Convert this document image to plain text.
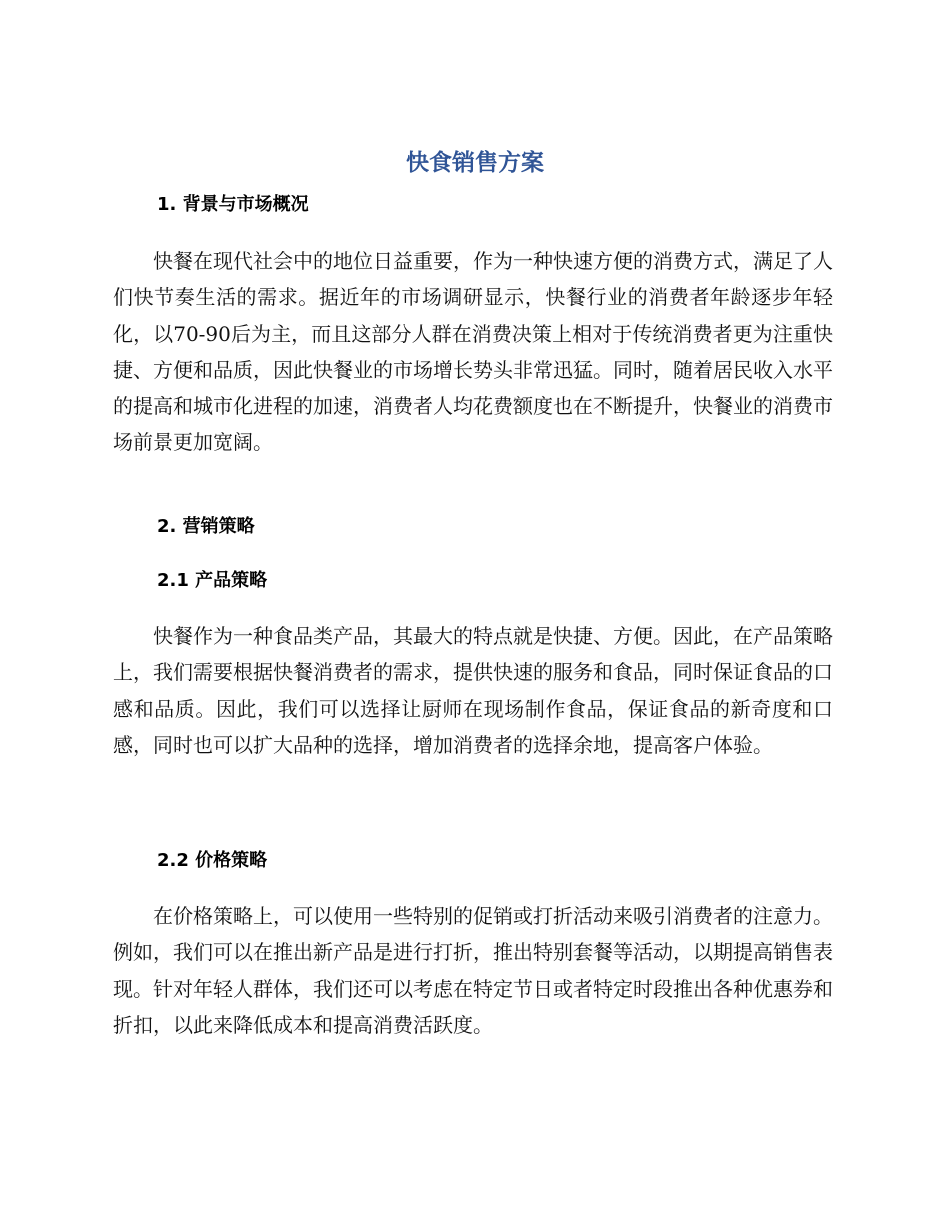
快食销售方案
1. 背景与市场概况

快餐在现代社会中的地位日益重要，作为一种快速方便的消费方式，满足了人们快节奏生活的需求。据近年的市场调研显示，快餐行业的消费者年龄逐步年轻化，以70-90后为主，而且这部分人群在消费决策上相对于传统消费者更为注重快捷、方便和品质，因此快餐业的市场增长势头非常迅猛。同时，随着居民收入水平的提高和城市化进程的加速，消费者人均花费额度也在不断提升，快餐业的消费市场前景更加宽阔。

2. 营销策略
2.1 产品策略

快餐作为一种食品类产品，其最大的特点就是快捷、方便。因此，在产品策略上，我们需要根据快餐消费者的需求，提供快速的服务和食品，同时保证食品的口感和品质。因此，我们可以选择让厨师在现场制作食品，保证食品的新奇度和口感，同时也可以扩大品种的选择，增加消费者的选择余地，提高客户体验。

2.2 价格策略

在价格策略上，可以使用一些特别的促销或打折活动来吸引消费者的注意力。例如，我们可以在推出新产品是进行打折，推出特别套餐等活动，以期提高销售表现。针对年轻人群体，我们还可以考虑在特定节日或者特定时段推出各种优惠券和折扣，以此来降低成本和提高消费活跃度。
